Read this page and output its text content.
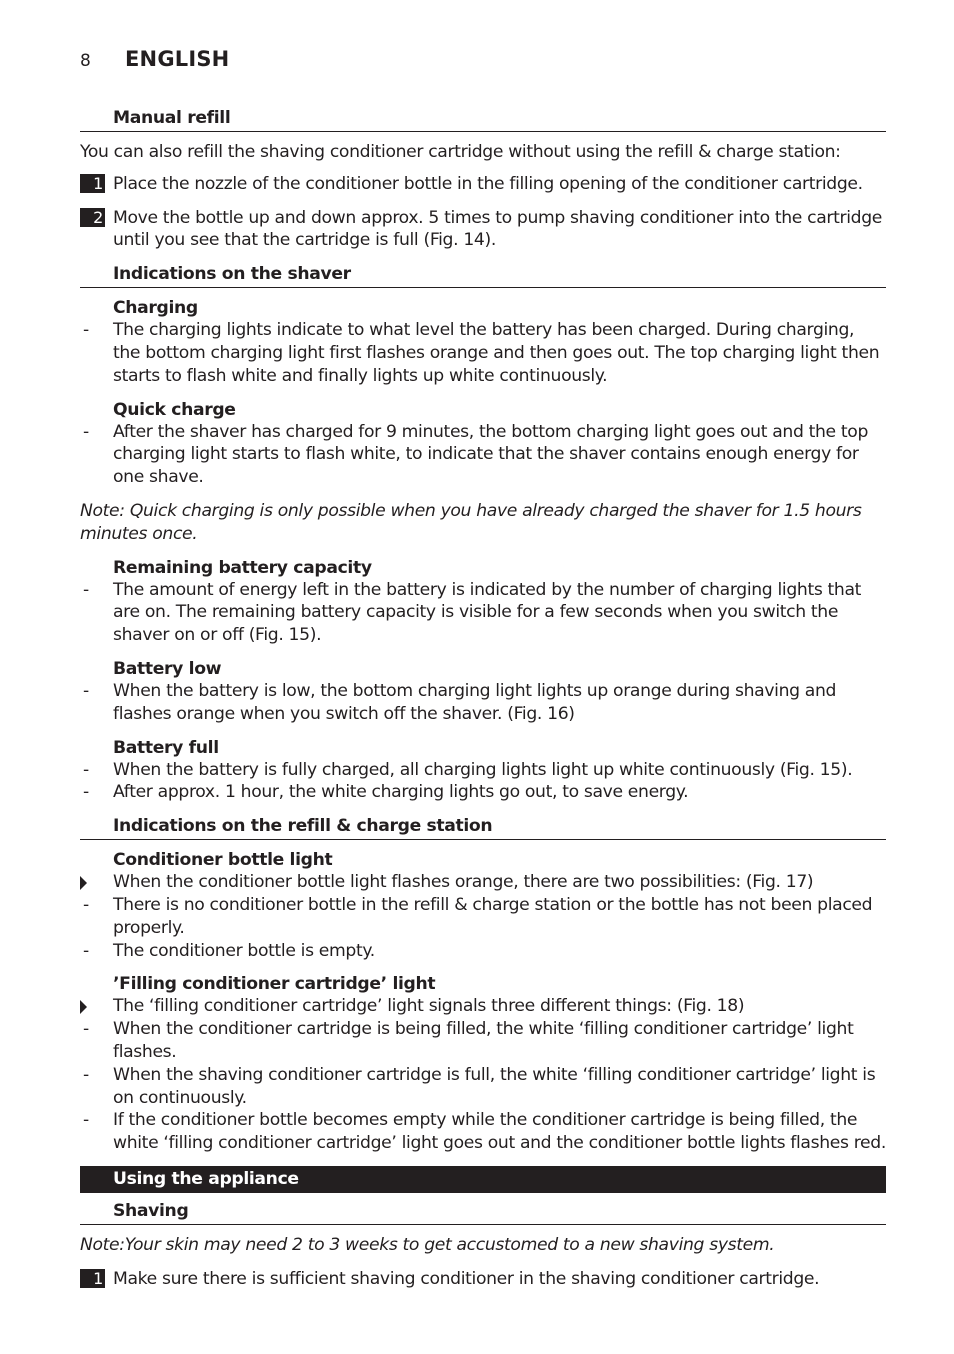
8 ENGLISH
Manual refill

You can also refill the shaving conditioner cartridge without using the refill & charge station:

1 Place the nozzle of the conditioner bottle in the filling opening of the conditioner cartridge.
2 Move the bottle up and down approx. 5 times to pump shaving conditioner into the cartridge until you see that the cartridge is full (Fig. 14).
Indications on the shaver

Charging

- The charging lights indicate to what level the battery has been charged. During charging, the bottom charging light first flashes orange and then goes out. The top charging light then starts to flash white and finally lights up white continuously.

Quick charge

- After the shaver has charged for 9 minutes, the bottom charging light goes out and the top charging light starts to flash white, to indicate that the shaver contains enough energy for one shave.

Note: Quick charging is only possible when you have already charged the shaver for 1.5 hours minutes once.

Remaining battery capacity

- The amount of energy left in the battery is indicated by the number of charging lights that are on. The remaining battery capacity is visible for a few seconds when you switch the shaver on or off (Fig. 15).

Battery low

- When the battery is low, the bottom charging light lights up orange during shaving and flashes orange when you switch off the shaver. (Fig. 16)

Battery full

- When the battery is fully charged, all charging lights light up white continuously (Fig. 15).

- After approx. 1 hour, the white charging lights go out, to save energy.

Indications on the refill & charge station

Conditioner bottle light

When the conditioner bottle light flashes orange, there are two possibilities: (Fig. 17)

- There is no conditioner bottle in the refill & charge station or the bottle has not been placed properly.

- The conditioner bottle is empty.

’Filling conditioner cartridge’ light

The ‘filling conditioner cartridge’ light signals three different things: (Fig. 18)

- When the conditioner cartridge is being filled, the white ‘filling conditioner cartridge’ light flashes.

- When the shaving conditioner cartridge is full, the white ‘filling conditioner cartridge’ light is on continuously.

- If the conditioner bottle becomes empty while the conditioner cartridge is being filled, the white ‘filling conditioner cartridge’ light goes out and the conditioner bottle lights flashes red.

Using the appliance
Shaving

Note:Your skin may need 2 to 3 weeks to get accustomed to a new shaving system.

1 Make sure there is sufficient shaving conditioner in the shaving conditioner cartridge.
